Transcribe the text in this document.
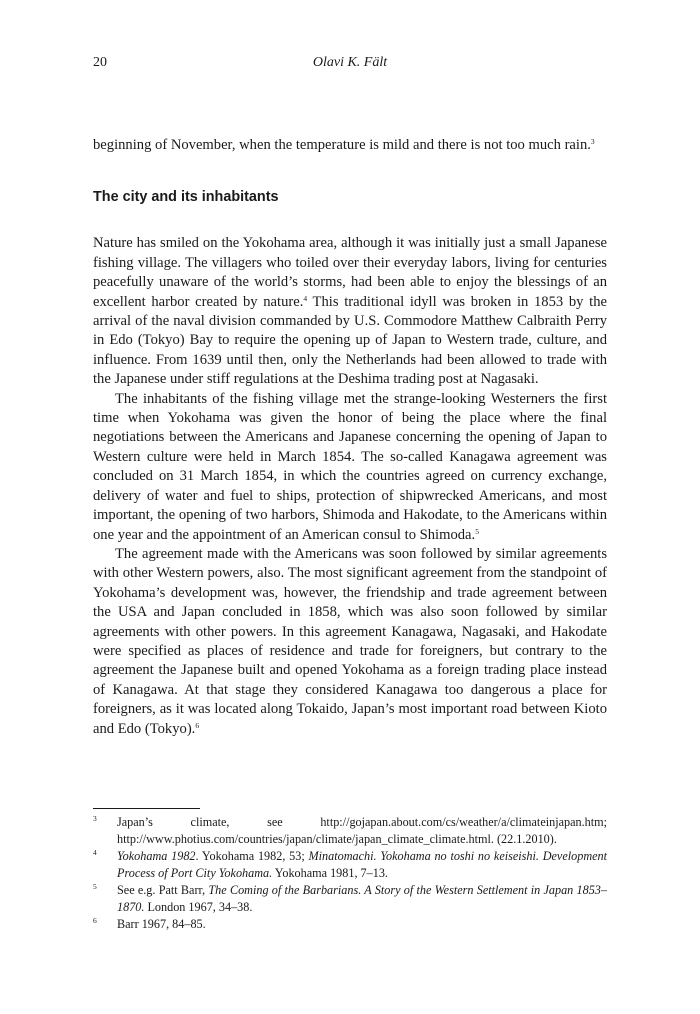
20	Olavi K. Fält

beginning of November, when the temperature is mild and there is not too much rain.$^3$

The city and its inhabitants

Nature has smiled on the Yokohama area, although it was initially just a small Japanese fishing village. The villagers who toiled over their everyday labors, living for centuries peacefully unaware of the world’s storms, had been able to enjoy the blessings of an excellent harbor created by nature.$^4$ This traditional idyll was broken in 1853 by the arrival of the naval division commanded by U.S. Commodore Matthew Calbraith Perry in Edo (Tokyo) Bay to require the opening up of Japan to Western trade, culture, and influence. From 1639 until then, only the Netherlands had been allowed to trade with the Japanese under stiff regulations at the Deshima trading post at Nagasaki.

The inhabitants of the fishing village met the strange-looking Westerners the first time when Yokohama was given the honor of being the place where the final negotiations between the Americans and Japanese concerning the opening of Japan to Western culture were held in March 1854. The so-called Kanagawa agreement was concluded on 31 March 1854, in which the countries agreed on currency exchange, delivery of water and fuel to ships, protection of shipwrecked Americans, and most important, the opening of two harbors, Shimoda and Hakodate, to the Americans within one year and the appointment of an American consul to Shimoda.$^5$

The agreement made with the Americans was soon followed by similar agreements with other Western powers, also. The most significant agreement from the standpoint of Yokohama’s development was, however, the friendship and trade agreement between the USA and Japan concluded in 1858, which was also soon followed by similar agreements with other powers. In this agreement Kanagawa, Nagasaki, and Hakodate were specified as places of residence and trade for foreigners, but contrary to the agreement the Japanese built and opened Yokohama as a foreign trading place instead of Kanagawa. At that stage they considered Kanagawa too dangerous a place for foreigners, as it was located along Tokaido, Japan’s most important road between Kioto and Edo (Tokyo).$^6$

3 Japan’s climate, see http://gojapan.about.com/cs/weather/a/climateinjapan.htm; http://www.photius.com/countries/japan/climate/japan_climate_climate.html. (22.1.2010).
4 Yokohama 1982. Yokohama 1982, 53; Minatomachi. Yokohama no toshi no keiseishi. Development Process of Port City Yokohama. Yokohama 1981, 7–13.
5 See e.g. Patt Barr, The Coming of the Barbarians. A Story of the Western Settlement in Japan 1853–1870. London 1967, 34–38.
6 Barr 1967, 84–85.
